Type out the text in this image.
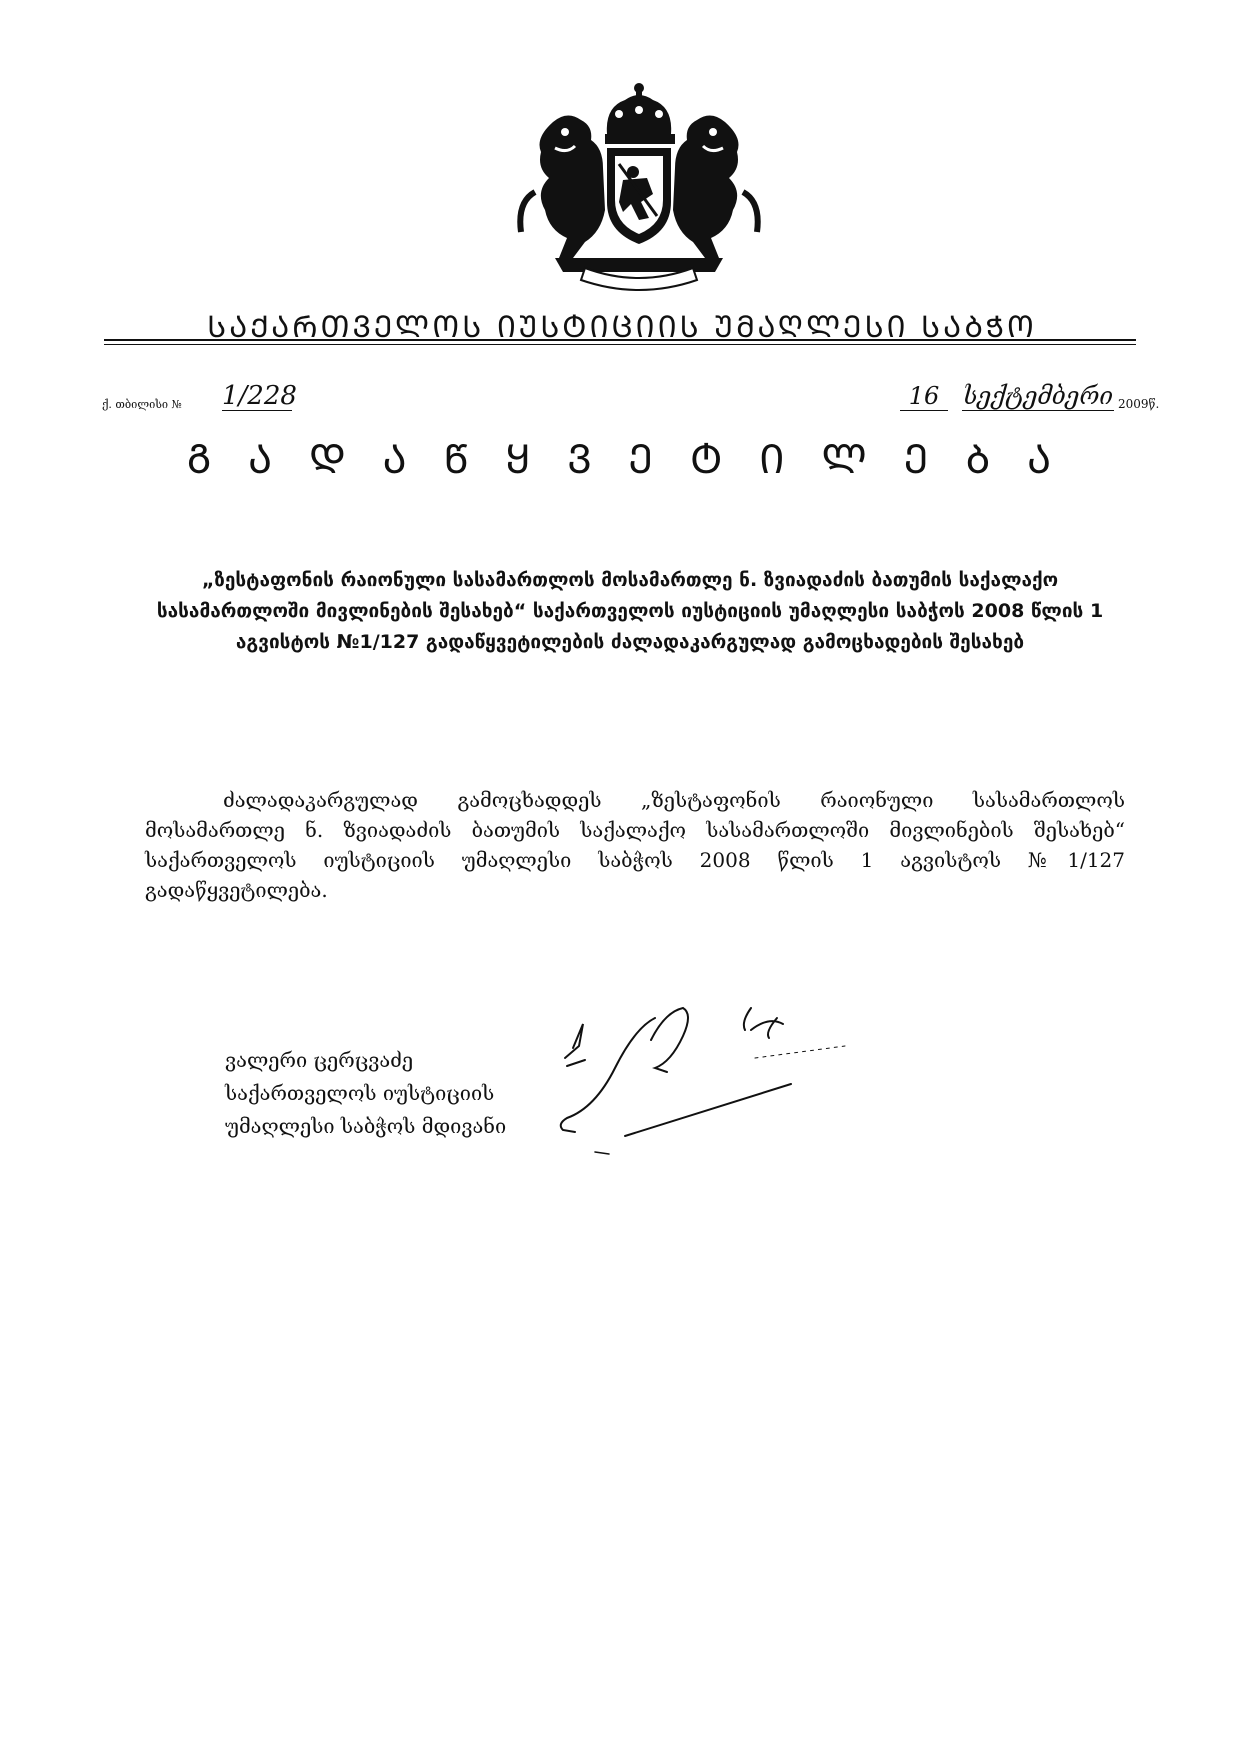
ᲡᲐᲥᲐᲠᲗᲕᲔᲚᲝᲡ ᲘᲣᲡᲢᲘᲪᲘᲘᲡ ᲣᲛᲐᲦᲚᲔᲡᲘ ᲡᲐᲑᲭᲝ
ქ. თბილისი № 1/228	16 სექტემბერი 2009წ.
Გ Ა Დ Ა Წ Ყ Ვ Ე Ტ Ი Ლ Ე Ბ Ა
„ზესტაფონის რაიონული სასამართლოს მოსამართლე ნ. ზვიადაძის ბათუმის საქალაქო სასამართლოში მივლინების შესახებ“ საქართველოს იუსტიციის უმაღლესი საბჭოს 2008 წლის 1 აგვისტოს №1/127 გადაწყვეტილების ძალადაკარგულად გამოცხადების შესახებ
ძალადაკარგულად გამოცხადდეს „ზესტაფონის რაიონული სასამართლოს მოსამართლე ნ. ზვიადაძის ბათუმის საქალაქო სასამართლოში მივლინების შესახებ“ საქართველოს იუსტიციის უმაღლესი საბჭოს 2008 წლის 1 აგვისტოს №1/127 გადაწყვეტილება.
ვალერი ცერცვაძე
საქართველოს იუსტიციის
უმაღლესი საბჭოს მდივანი
